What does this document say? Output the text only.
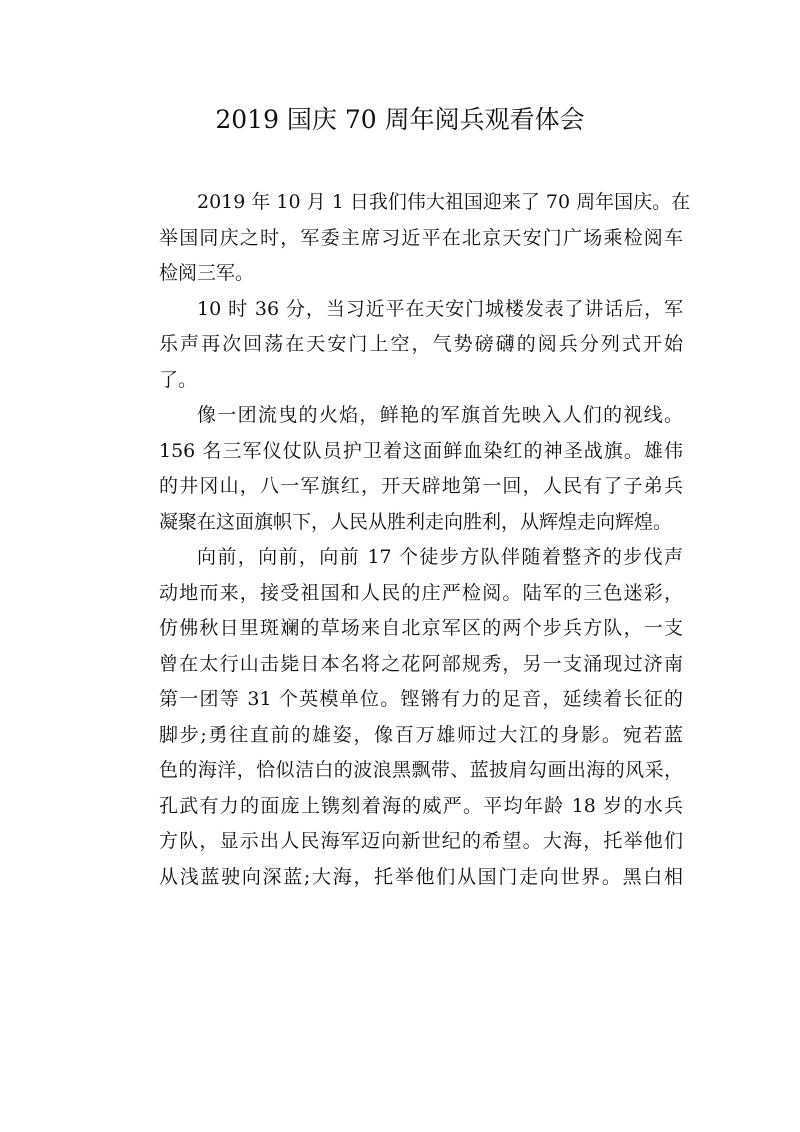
2019 国庆 70 周年阅兵观看体会

2019 年 10 月 1 日我们伟大祖国迎来了 70 周年国庆。在
举国同庆之时，军委主席习近平在北京天安门广场乘检阅车
检阅三军。

10 时 36 分，当习近平在天安门城楼发表了讲话后，军
乐声再次回荡在天安门上空，气势磅礴的阅兵分列式开始
了。

像一团流曳的火焰，鲜艳的军旗首先映入人们的视线。
156 名三军仪仗队员护卫着这面鲜血染红的神圣战旗。雄伟
的井冈山，八一军旗红，开天辟地第一回，人民有了子弟兵
凝聚在这面旗帜下，人民从胜利走向胜利，从辉煌走向辉煌。

向前，向前，向前 17 个徒步方队伴随着整齐的步伐声
动地而来，接受祖国和人民的庄严检阅。陆军的三色迷彩，
仿佛秋日里斑斓的草场来自北京军区的两个步兵方队，一支
曾在太行山击毙日本名将之花阿部规秀，另一支涌现过济南
第一团等 31 个英模单位。铿锵有力的足音，延续着长征的
脚步;勇往直前的雄姿，像百万雄师过大江的身影。宛若蓝
色的海洋，恰似洁白的波浪黑飘带、蓝披肩勾画出海的风采，
孔武有力的面庞上镌刻着海的威严。平均年龄 18 岁的水兵
方队，显示出人民海军迈向新世纪的希望。大海，托举他们
从浅蓝驶向深蓝;大海，托举他们从国门走向世界。黑白相
